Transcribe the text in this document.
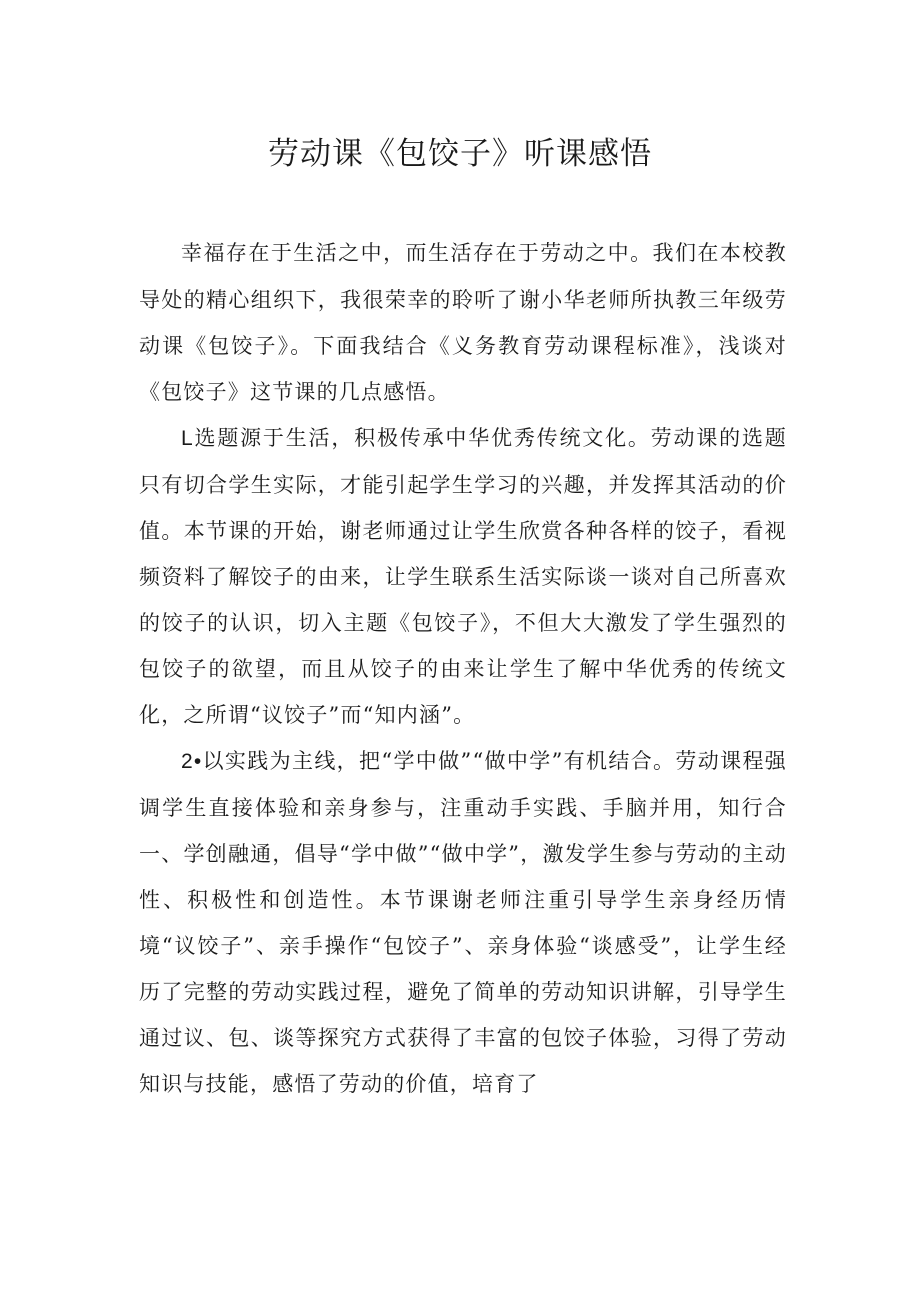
劳动课《包饺子》听课感悟

幸福存在于生活之中，而生活存在于劳动之中。我们在本校教导处的精心组织下，我很荣幸的聆听了谢小华老师所执教三年级劳动课《包饺子》。下面我结合《义务教育劳动课程标准》，浅谈对《包饺子》这节课的几点感悟。

L选题源于生活，积极传承中华优秀传统文化。劳动课的选题只有切合学生实际，才能引起学生学习的兴趣，并发挥其活动的价值。本节课的开始，谢老师通过让学生欣赏各种各样的饺子，看视频资料了解饺子的由来，让学生联系生活实际谈一谈对自己所喜欢的饺子的认识，切入主题《包饺子》，不但大大激发了学生强烈的包饺子的欲望，而且从饺子的由来让学生了解中华优秀的传统文化，之所谓“议饺子”而“知内涵”。

2•以实践为主线，把“学中做”“做中学”有机结合。劳动课程强调学生直接体验和亲身参与，注重动手实践、手脑并用，知行合一、学创融通，倡导“学中做”“做中学”，激发学生参与劳动的主动性、积极性和创造性。本节课谢老师注重引导学生亲身经历情境“议饺子”、亲手操作“包饺子”、亲身体验“谈感受”，让学生经历了完整的劳动实践过程，避免了简单的劳动知识讲解，引导学生通过议、包、谈等探究方式获得了丰富的包饺子体验，习得了劳动知识与技能，感悟了劳动的价值，培育了
